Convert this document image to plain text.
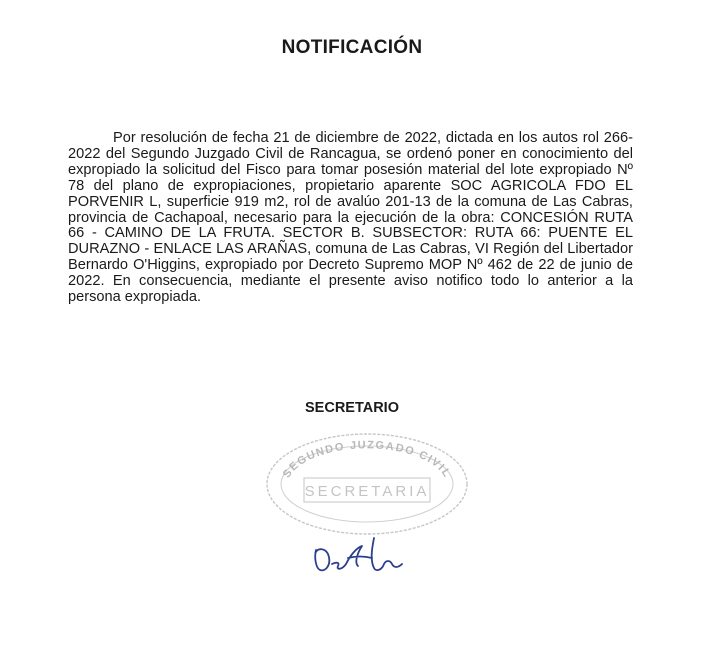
NOTIFICACIÓN

Por resolución de fecha 21 de diciembre de 2022, dictada en los autos rol 266-2022 del Segundo Juzgado Civil de Rancagua, se ordenó poner en conocimiento del expropiado la solicitud del Fisco para tomar posesión material del lote expropiado Nº 78 del plano de expropiaciones, propietario aparente SOC AGRICOLA FDO EL PORVENIR L, superficie 919 m2, rol de avalúo 201-13 de la comuna de Las Cabras, provincia de Cachapoal, necesario para la ejecución de la obra: CONCESIÓN RUTA 66 - CAMINO DE LA FRUTA. SECTOR B. SUBSECTOR: RUTA 66: PUENTE EL DURAZNO - ENLACE LAS ARAÑAS, comuna de Las Cabras, VI Región del Libertador Bernardo O'Higgins, expropiado por Decreto Supremo MOP Nº 462 de 22 de junio de 2022. En consecuencia, mediante el presente aviso notifico todo lo anterior a la persona expropiada.

SECRETARIO
SEGUNDO JUZGADO CIVIL
SECRETARIA
